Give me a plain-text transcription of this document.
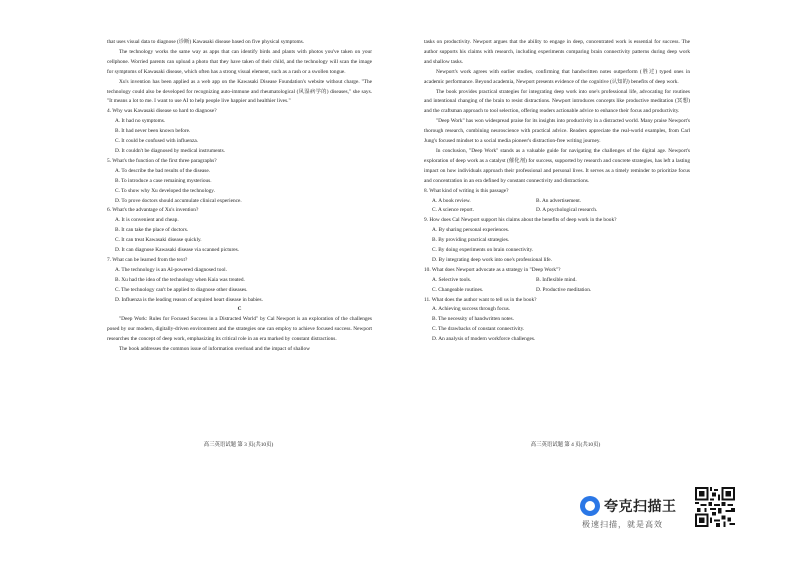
that uses visual data to diagnose (诊断) Kawasaki disease based on five physical symptoms.

The technology works the same way as apps that can identify birds and plants with photos you've taken on your cellphone. Worried parents can upload a photo that they have taken of their child, and the technology will scan the image for symptoms of Kawasaki disease, which often has a strong visual element, such as a rash or a swollen tongue.

Xu's invention has been applied as a web app on the Kawasaki Disease Foundation's website without charge. "The technology could also be developed for recognizing auto-immune and rheumatological (风湿病学的) diseases," she says. "It means a lot to me. I want to use AI to help people live happier and healthier lives."

4. Why was Kawasaki disease so hard to diagnose?

A. It had no symptoms.

B. It had never been known before.

C. It could be confused with influenza.

D. It couldn't be diagnosed by medical instruments.

5. What's the function of the first three paragraphs?

A. To describe the bad results of the disease.

B. To introduce a case remaining mysterious.

C. To show why Xu developed the technology.

D. To prove doctors should accumulate clinical experience.

6. What's the advantage of Xu's invention?

A. It is convenient and cheap.

B. It can take the place of doctors.

C. It can treat Kawasaki disease quickly.

D. It can diagnose Kawasaki disease via scanned pictures.

7. What can be learned from the text?

A. The technology is an AI-powered diagnosed tool.

B. Xu had the idea of the technology when Kaia was treated.

C. The technology can't be applied to diagnose other diseases.

D. Influenza is the leading reason of acquired heart disease in babies.

C

"Deep Work: Rules for Focused Success in a Distracted World" by Cal Newport is an exploration of the challenges posed by our modern, digitally-driven environment and the strategies one can employ to achieve focused success. Newport researches the concept of deep work, emphasizing its critical role in an era marked by constant distractions.

The book addresses the common issue of information overload and the impact of shallow

高三英语试题 第 3 页(共10页)

tasks on productivity. Newport argues that the ability to engage in deep, concentrated work is essential for success. The author supports his claims with research, including experiments comparing brain connectivity patterns during deep work and shallow tasks.

Newport's work agrees with earlier studies, confirming that handwritten notes outperform (胜过) typed ones in academic performance. Beyond academia, Newport presents evidence of the cognitive (认知的) benefits of deep work.

The book provides practical strategies for integrating deep work into one's professional life, advocating for routines and intentional changing of the brain to resist distractions. Newport introduces concepts like productive meditation (冥想) and the craftsman approach to tool selection, offering readers actionable advice to enhance their focus and productivity.

"Deep Work" has won widespread praise for its insights into productivity in a distracted world. Many praise Newport's thorough research, combining neuroscience with practical advice. Readers appreciate the real-world examples, from Carl Jung's focused mindset to a social media pioneer's distraction-free writing journey.

In conclusion, "Deep Work" stands as a valuable guide for navigating the challenges of the digital age. Newport's exploration of deep work as a catalyst (催化剂) for success, supported by research and concrete strategies, has left a lasting impact on how individuals approach their professional and personal lives. It serves as a timely reminder to prioritize focus and concentration in an era defined by constant connectivity and distractions.

8. What kind of writing is this passage?

A. A book review.	B. An advertisement.
C. A science report.	D. A psychological research.

9. How does Cal Newport support his claims about the benefits of deep work in the book?

A. By sharing personal experiences.

B. By providing practical strategies.

C. By doing experiments on brain connectivity.

D. By integrating deep work into one's professional life.

10. What does Newport advocate as a strategy in "Deep Work"?

A. Selective tools.	B. Inflexible mind.
C. Changeable routines.	D. Productive meditation.

11. What does the author want to tell us in the book?

A. Achieving success through focus.

B. The necessity of handwritten notes.

C. The drawbacks of constant connectivity.

D. An analysis of modern workforce challenges.

高三英语试题 第 4 页(共10页)
夸克扫描王
极速扫描，就是高效
